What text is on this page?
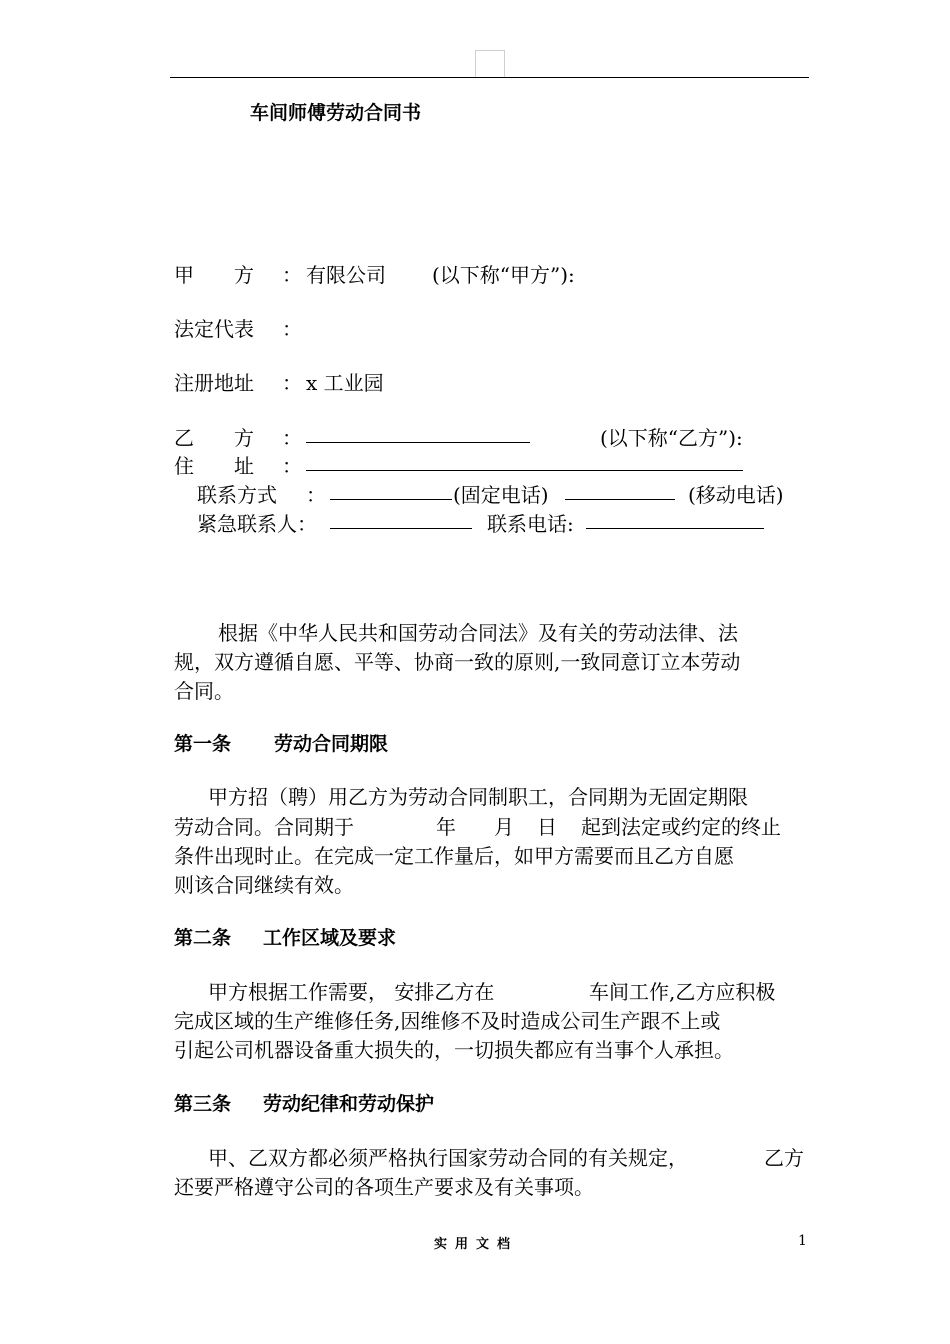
车间师傅劳动合同书
甲　　方 ： 有限公司 (以下称“甲方”):
法定代表 ：
注册地址 ： x 工业园
乙　　方 ：	(以下称“乙方”):
住　　址 ：
联系方式 ：	(固定电话)	(移动电话)
紧急联系人：	联系电话:
根据《中华人民共和国劳动合同法》及有关的劳动法律、法
规，双方遵循自愿、平等、协商一致的原则,一致同意订立本劳动
合同。
第一条 劳动合同期限
甲方招（聘）用乙方为劳动合同制职工，合同期为无固定期限
劳动合同。合同期于	年 月 日 起到法定或约定的终止
条件出现时止。在完成一定工作量后，如甲方需要而且乙方自愿
则该合同继续有效。
第二条 工作区域及要求
甲方根据工作需要， 安排乙方在	车间工作,乙方应积极
完成区域的生产维修任务,因维修不及时造成公司生产跟不上或
引起公司机器设备重大损失的，一切损失都应有当事个人承担。
第三条 劳动纪律和劳动保护
甲、乙双方都必须严格执行国家劳动合同的有关规定，	乙方
还要严格遵守公司的各项生产要求及有关事项。
实用文档	1
